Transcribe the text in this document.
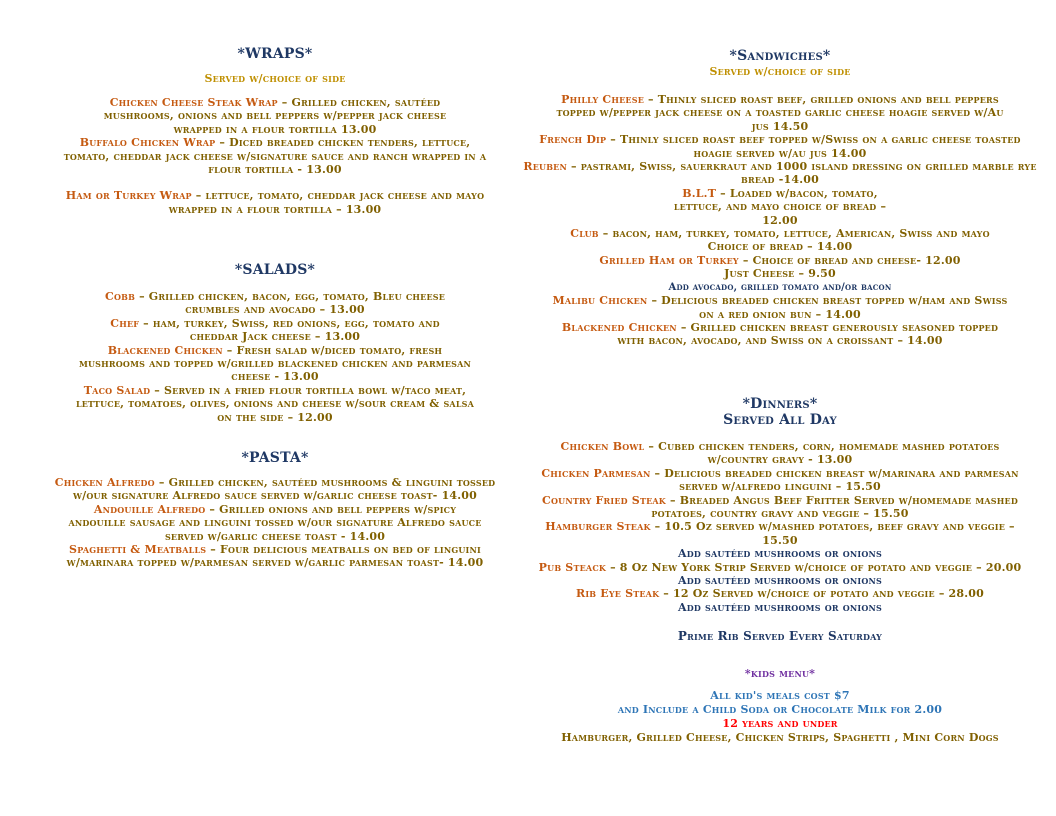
*WRAPS*
Served w/choice of side
Chicken Cheese Steak Wrap – Grilled chicken, sautéed mushrooms, onions and bell peppers w/pepper jack cheese wrapped in a flour tortilla 13.00
Buffalo Chicken Wrap – Diced breaded chicken tenders, lettuce, tomato, cheddar jack cheese w/signature sauce and ranch wrapped in a flour tortilla - 13.00
Ham or Turkey Wrap – lettuce, tomato, cheddar jack cheese and mayo wrapped in a flour tortilla – 13.00
*SALADS*
Cobb – Grilled chicken, bacon, egg, tomato, Bleu cheese crumbles and avocado – 13.00
Chef – ham, turkey, Swiss, red onions, egg, tomato and cheddar Jack cheese – 13.00
Blackened Chicken – Fresh salad w/diced tomato, fresh mushrooms and topped w/grilled blackened chicken and parmesan cheese - 13.00
Taco Salad – Served in a fried flour tortilla bowl w/taco meat, lettuce, tomatoes, olives, onions and cheese w/sour cream & salsa on the side – 12.00
*PASTA*
Chicken Alfredo – Grilled chicken, sautéed mushrooms & linguini tossed w/our signature Alfredo sauce served w/garlic cheese toast- 14.00
Andouille Alfredo – Grilled onions and bell peppers w/spicy andouille sausage and linguini tossed w/our signature Alfredo sauce served w/garlic cheese toast - 14.00
Spaghetti & Meatballs – Four delicious meatballs on bed of linguini w/marinara topped w/parmesan served w/garlic parmesan toast- 14.00
*Sandwiches*
Served w/choice of side
Philly Cheese – Thinly sliced roast beef, grilled onions and bell peppers topped w/pepper jack cheese on a toasted garlic cheese hoagie served w/Au jus 14.50
French Dip – Thinly sliced roast beef topped w/Swiss on a garlic cheese toasted hoagie served w/au jus 14.00
Reuben – pastrami, Swiss, sauerkraut and 1000 island dressing on grilled marble rye bread -14.00
B.L.T – Loaded w/bacon, tomato, lettuce, and mayo choice of bread – 12.00
Club – bacon, ham, turkey, tomato, lettuce, American, Swiss and mayo Choice of bread – 14.00
Grilled Ham or Turkey – Choice of bread and cheese- 12.00
Just Cheese – 9.50
Add avocado, grilled tomato and/or bacon
Malibu Chicken – Delicious breaded chicken breast topped w/ham and Swiss on a red onion bun – 14.00
Blackened Chicken – Grilled chicken breast generously seasoned topped with bacon, avocado, and Swiss on a croissant – 14.00
*Dinners*
Served All Day
Chicken Bowl – Cubed chicken tenders, corn, homemade mashed potatoes w/country gravy - 13.00
Chicken Parmesan – Delicious breaded chicken breast w/marinara and parmesan served w/alfredo linguini – 15.50
Country Fried Steak – Breaded Angus Beef Fritter Served w/homemade mashed potatoes, country gravy and veggie – 15.50
Hamburger Steak – 10.5 Oz served w/mashed potatoes, beef gravy and veggie – 15.50
Add sautéed mushrooms or onions
Pub Steack – 8 Oz New York Strip Served w/choice of potato and veggie – 20.00
Add sautéed mushrooms or onions
Rib Eye Steak – 12 Oz Served w/choice of potato and veggie – 28.00
Add sautéed mushrooms or onions
Prime Rib Served Every Saturday
*kids menu*
All kid's meals cost $7
and Include a Child Soda or Chocolate Milk for 2.00
12 years and under
Hamburger, Grilled Cheese, Chicken Strips, Spaghetti , Mini Corn Dogs
